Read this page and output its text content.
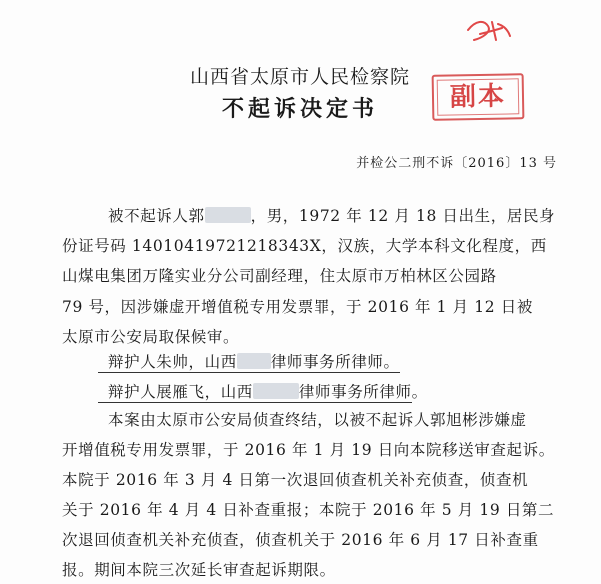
山西省太原市人民检察院
不起诉决定书	副本
并检公二刑不诉〔2016〕13 号
被不起诉人郭	，男，1972 年 12 月 18 日出生，居民身
份证号码 14010419721218343X，汉族，大学本科文化程度，西
山煤电集团万隆实业分公司副经理，住太原市万柏林区公园路
79 号，因涉嫌虚开增值税专用发票罪，于 2016 年 1 月 12 日被
太原市公安局取保候审。
辩护人朱帅，山西 律师事务所律师。
辩护人展雁飞，山西	律师事务所律师。
本案由太原市公安局侦查终结，以被不起诉人郭旭彬涉嫌虚
开增值税专用发票罪，于 2016 年 1 月 19 日向本院移送审查起诉。
本院于 2016 年 3 月 4 日第一次退回侦查机关补充侦查，侦查机
关于 2016 年 4 月 4 日补查重报；本院于 2016 年 5 月 19 日第二
次退回侦查机关补充侦查，侦查机关于 2016 年 6 月 17 日补查重
报。期间本院三次延长审查起诉期限。
